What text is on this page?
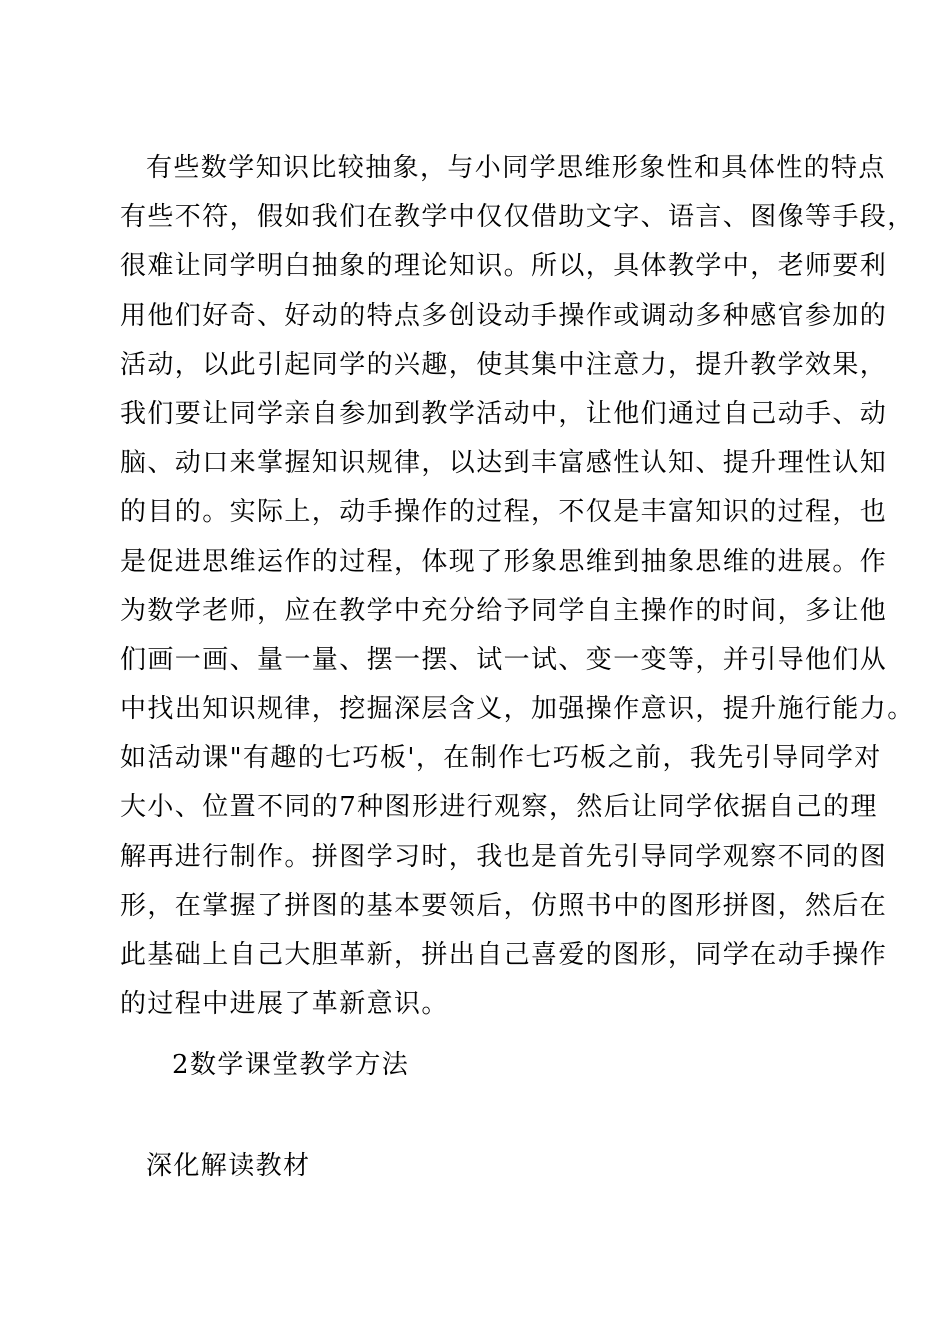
有些数学知识比较抽象，与小同学思维形象性和具体性的特点
有些不符，假如我们在教学中仅仅借助文字、语言、图像等手段，
很难让同学明白抽象的理论知识。所以，具体教学中，老师要利
用他们好奇、好动的特点多创设动手操作或调动多种感官参加的
活动，以此引起同学的兴趣，使其集中注意力，提升教学效果，
我们要让同学亲自参加到教学活动中，让他们通过自己动手、动
脑、动口来掌握知识规律，以达到丰富感性认知、提升理性认知
的目的。实际上，动手操作的过程，不仅是丰富知识的过程，也
是促进思维运作的过程，体现了形象思维到抽象思维的进展。作
为数学老师，应在教学中充分给予同学自主操作的时间，多让他
们画一画、量一量、摆一摆、试一试、变一变等，并引导他们从
中找出知识规律，挖掘深层含义，加强操作意识，提升施行能力。
如活动课"有趣的七巧板'，在制作七巧板之前，我先引导同学对
大小、位置不同的7种图形进行观察，然后让同学依据自己的理
解再进行制作。拼图学习时，我也是首先引导同学观察不同的图
形，在掌握了拼图的基本要领后，仿照书中的图形拼图，然后在
此基础上自己大胆革新，拼出自己喜爱的图形，同学在动手操作
的过程中进展了革新意识。
2数学课堂教学方法
深化解读教材
